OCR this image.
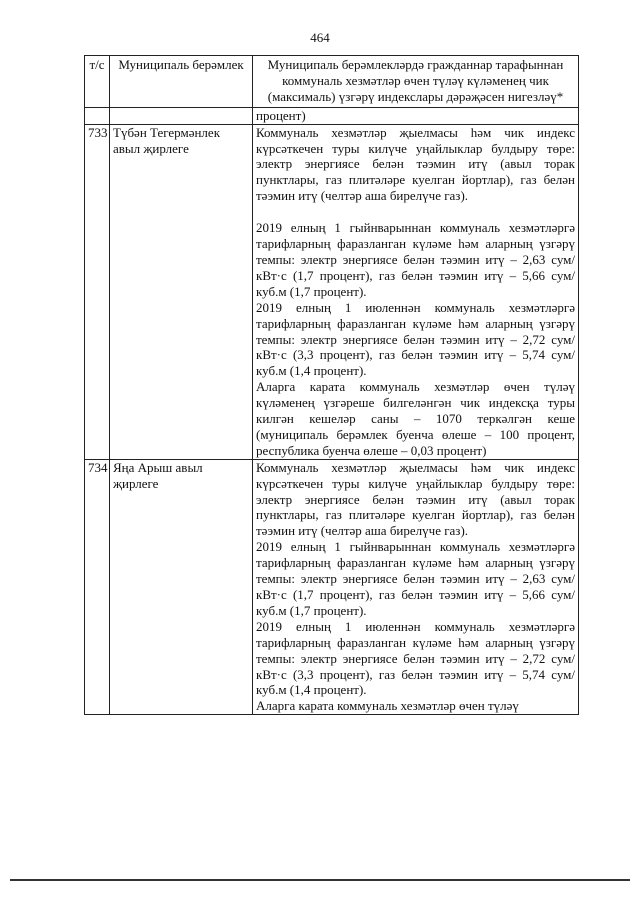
464
т/с	Муниципаль берәмлек	Муниципаль берәмлекләрдә гражданнар тарафыннан коммуналь хезмәтләр өчен түләү күләменең чик (максималь) үзгәрү индекслары дәрәҗәсен нигезләү*
		процент)
733	Түбән Тегермәнлек авыл җирлеге	Коммуналь хезмәтләр җыелмасы һәм чик индекс күрсәткечен туры килүче уңайлыклар булдыру төре: электр энергиясе белән тәэмин итү (авыл торак пунктлары, газ плитәләре куелган йортлар), газ белән тәэмин итү (челтәр аша бирелүче газ).
2019 елның 1 гыйнварыннан коммуналь хезмәтләргә тарифларның фаразланган күләме һәм аларның үзгәрү темпы: электр энергиясе белән тәэмин итү – 2,63 сум/кВт·с (1,7 процент), газ белән тәэмин итү – 5,66 сум/куб.м (1,7 процент).
2019 елның 1 июленнән коммуналь хезмәтләргә тарифларның фаразланган күләме һәм аларның үзгәрү темпы: электр энергиясе белән тәэмин итү – 2,72 сум/кВт·с (3,3 процент), газ белән тәэмин итү – 5,74 сум/куб.м (1,4 процент).
Аларга карата коммуналь хезмәтләр өчен түләү күләменең үзгәреше билгеләнгән чик индексқа туры килгән кешеләр саны – 1070 теркәлгән кеше (муниципаль берәмлек буенча өлеше – 100 процент, республика буенча өлеше – 0,03 процент)

734	Яңа Арыш авыл җирлеге	Коммуналь хезмәтләр җыелмасы һәм чик индекс күрсәткечен туры килүче уңайлыклар булдыру төре: электр энергиясе белән тәэмин итү (авыл торак пунктлары, газ плитәләре куелган йортлар), газ белән тәэмин итү (челтәр аша бирелүче газ).
2019 елның 1 гыйнварыннан коммуналь хезмәтләргә тарифларның фаразланган күләме һәм аларның үзгәрү темпы: электр энергиясе белән тәэмин итү – 2,63 сум/кВт·с (1,7 процент), газ белән тәэмин итү – 5,66 сум/куб.м (1,7 процент).
2019 елның 1 июленнән коммуналь хезмәтләргә тарифларның фаразланган күләме һәм аларның үзгәрү темпы: электр энергиясе белән тәэмин итү – 2,72 сум/кВт·с (3,3 процент), газ белән тәэмин итү – 5,74 сум/куб.м (1,4 процент).
Аларга карата коммуналь хезмәтләр өчен түләү
